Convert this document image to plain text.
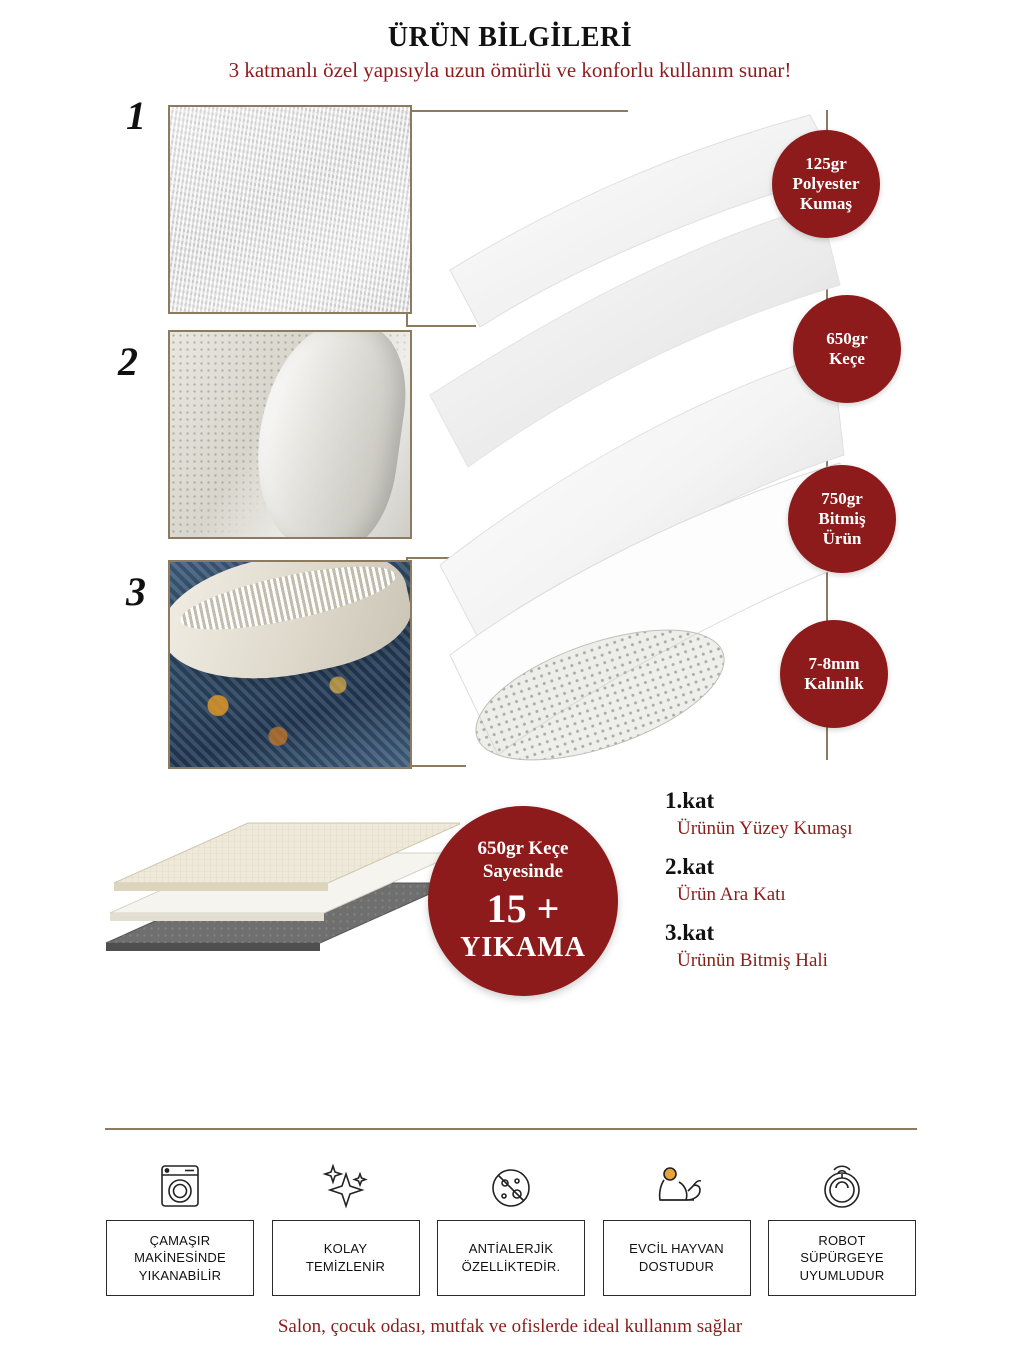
ÜRÜN BİLGİLERİ
3 katmanlı özel yapısıyla uzun ömürlü ve konforlu kullanım sunar!
1
2
3
125gr
Polyester
Kumaş
650gr
Keçe
750gr
Bitmiş
Ürün
7-8mm
Kalınlık
650gr Keçe
Sayesinde
15 +
YIKAMA
1.kat
Ürünün Yüzey Kumaşı
2.kat
Ürün Ara Katı
3.kat
Ürünün Bitmiş Hali
ÇAMAŞIR
MAKİNESİNDE
YIKANABİLİR
KOLAY
TEMİZLENİR
ANTİALERJİK
ÖZELLİKTEDİR.
EVCİL HAYVAN
DOSTUDUR
ROBOT
SÜPÜRGEYE
UYUMLUDUR
Salon, çocuk odası, mutfak ve ofislerde ideal kullanım sağlar
